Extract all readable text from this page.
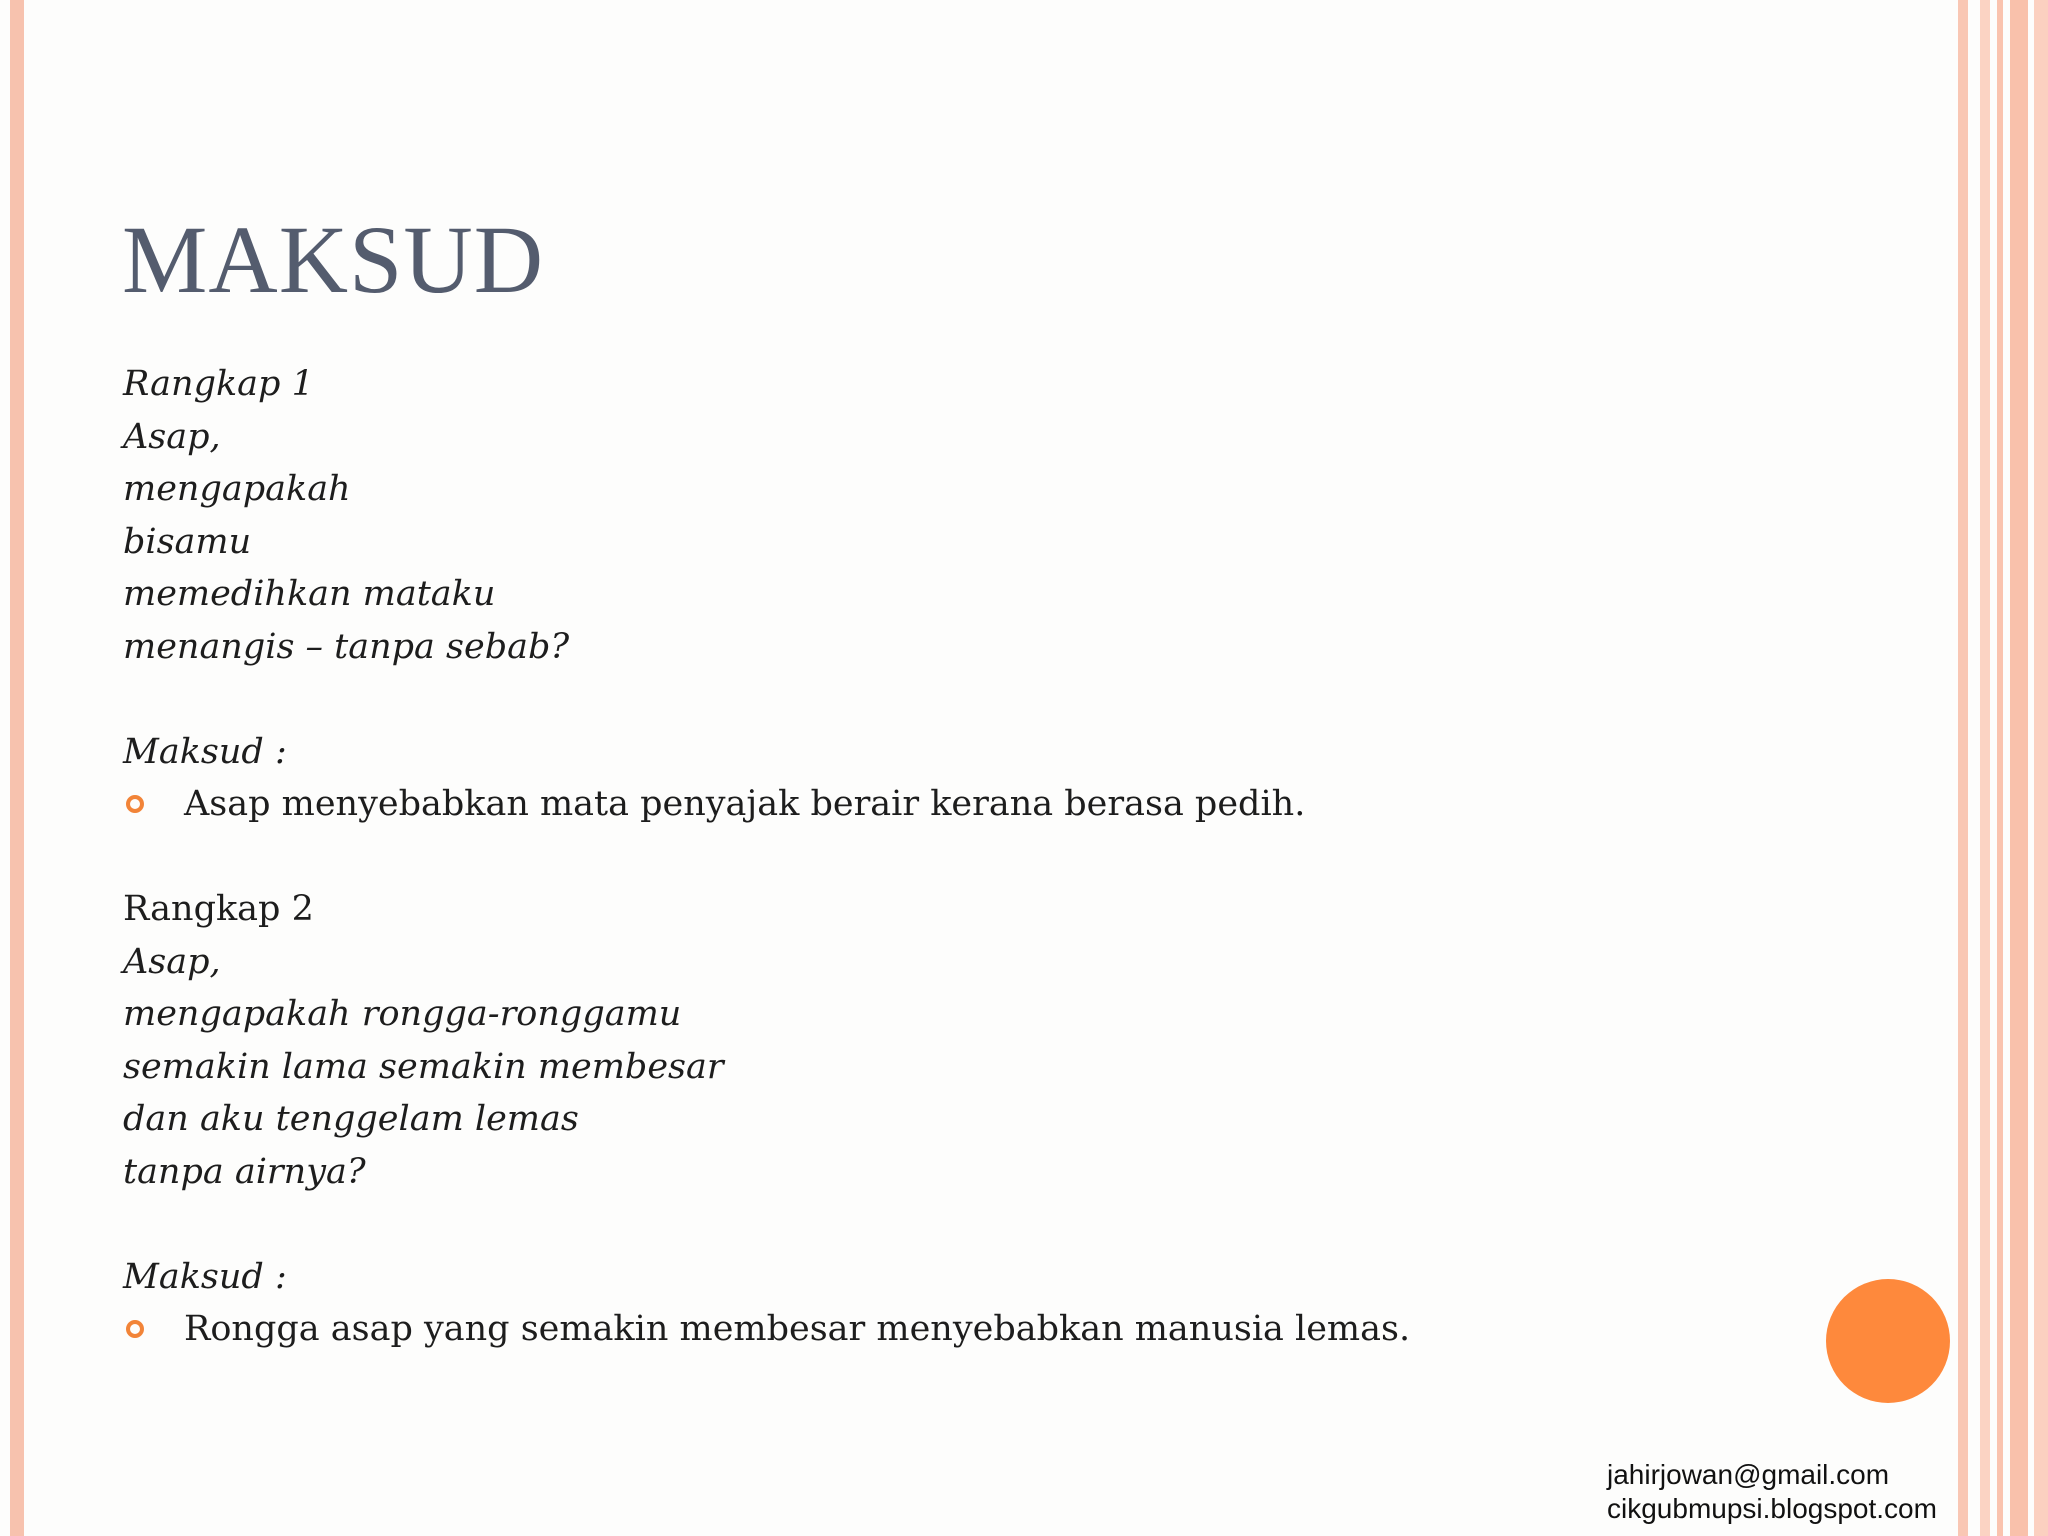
MAKSUD
Rangkap 1
Asap,
mengapakah
bisamu
memedihkan mataku
menangis – tanpa sebab?
Maksud :
Asap menyebabkan mata penyajak berair kerana berasa pedih.
Rangkap 2
Asap,
mengapakah rongga-ronggamu
semakin lama semakin membesar
dan aku tenggelam lemas
tanpa airnya?
Maksud :
Rongga asap yang semakin membesar menyebabkan manusia lemas.
jahirjowan@gmail.com
cikgubmupsi.blogspot.com
